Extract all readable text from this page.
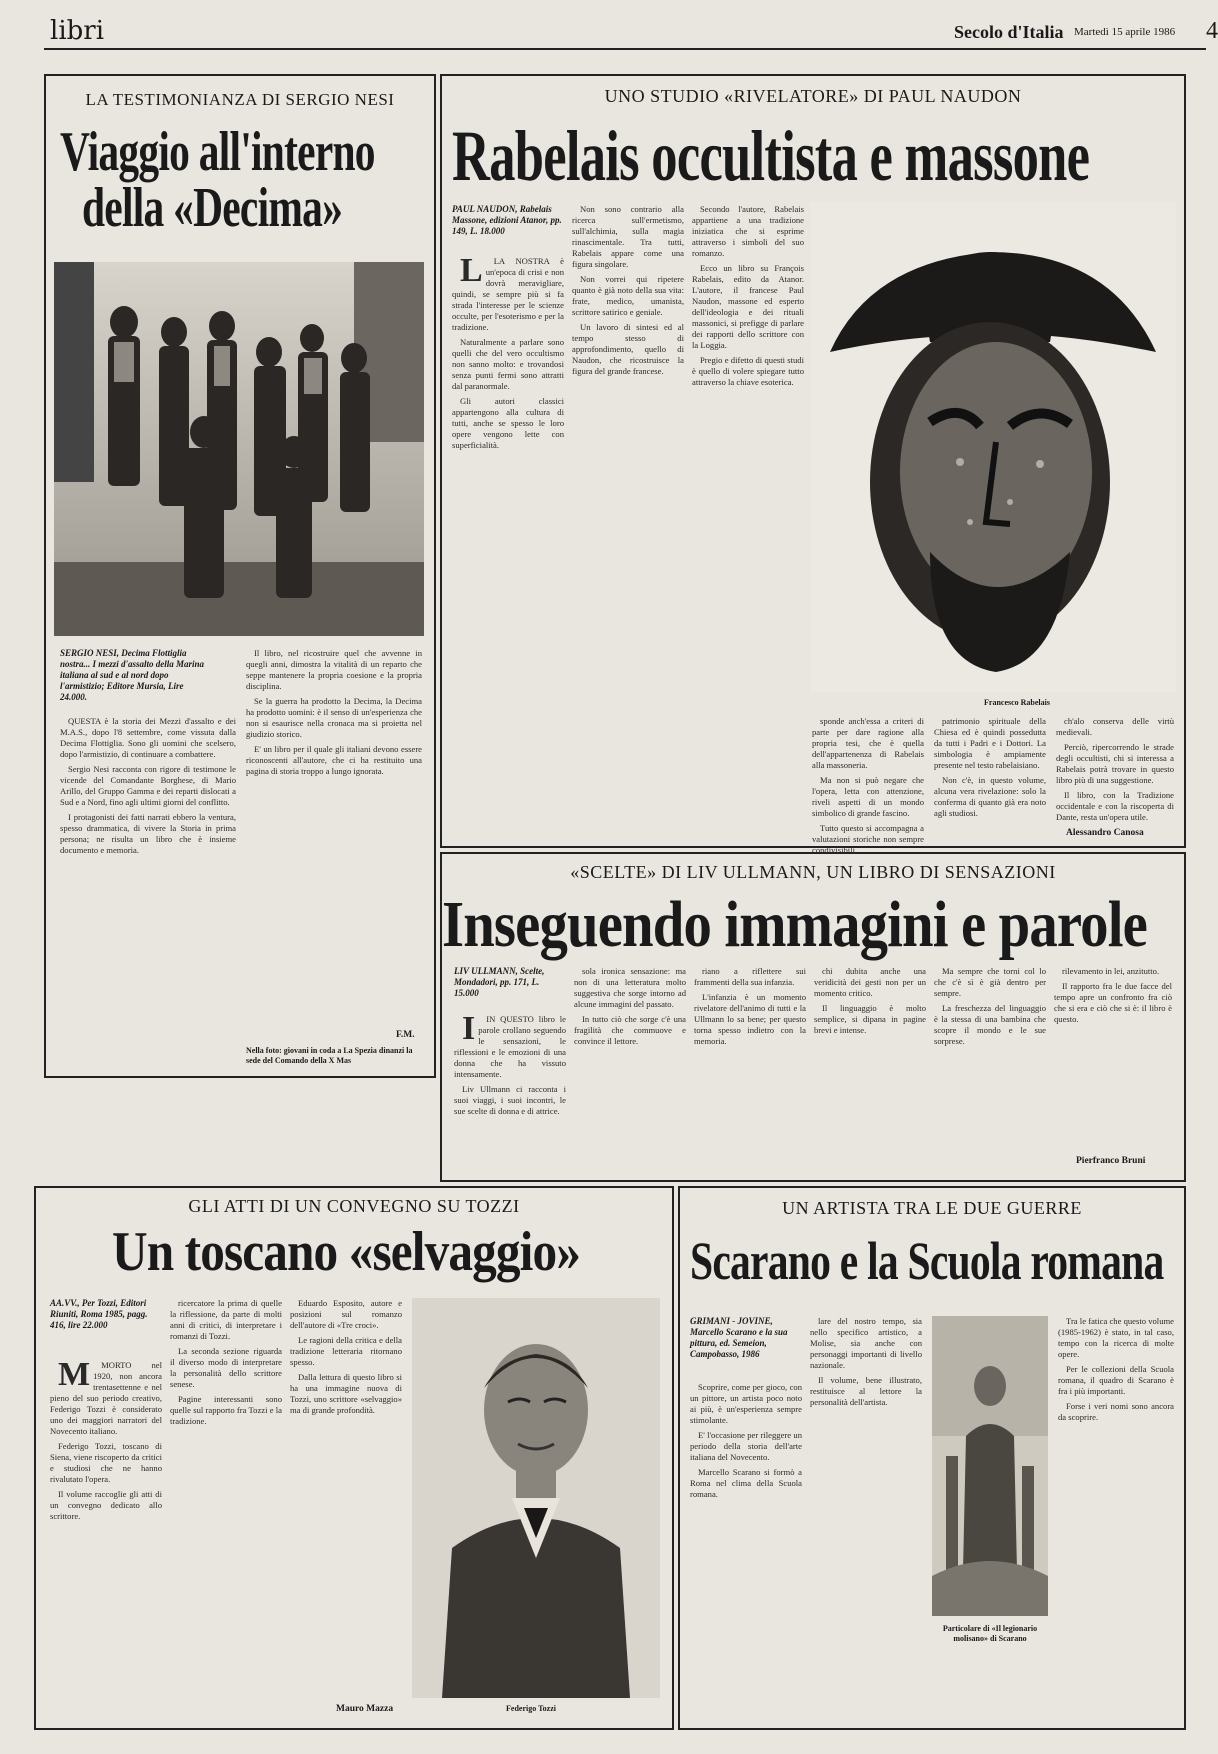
libri	Secolo d'Italia Martedì 15 aprile 1986 4
LA TESTIMONIANZA DI SERGIO NESI
Viaggio all'interno
della «Decima»
SERGIO NESI, Decima Flottiglia nostra... I mezzi d'assalto della Marina italiana al sud e al nord dopo l'armistizio; Editore Mursia, Lire 24.000.

QUESTA è la storia dei Mezzi d'assalto e dei M.A.S., dopo l'8 settembre, come vissuta dalla Decima Flottiglia. Sono gli uomini che scelsero, dopo l'armistizio, di continuare a combattere.

Sergio Nesi racconta con rigore di testimone le vicende del Comandante Borghese, di Mario Arillo, del Gruppo Gamma e dei reparti dislocati a Sud e a Nord, fino agli ultimi giorni del conflitto.

I protagonisti dei fatti narrati ebbero la ventura, spesso drammatica, di vivere la Storia in prima persona; ne risulta un libro che è insieme documento e memoria.

Il libro, nel ricostruire quel che avvenne in quegli anni, dimostra la vitalità di un reparto che seppe mantenere la propria coesione e la propria disciplina.

Se la guerra ha prodotto la Decima, la Decima ha prodotto uomini: è il senso di un'esperienza che non si esaurisce nella cronaca ma si proietta nel giudizio storico.

E' un libro per il quale gli italiani devono essere riconoscenti all'autore, che ci ha restituito una pagina di storia troppo a lungo ignorata.

F.M.
Nella foto: giovani in coda a La Spezia dinanzi la sede del Comando della X Mas
UNO STUDIO «RIVELATORE» DI PAUL NAUDON
Rabelais occultista e massone
PAUL NAUDON, Rabelais Massone, edizioni Atanor, pp. 149, L. 18.000

L LA NOSTRA è un'epoca di crisi e non dovrà meravigliare, quindi, se sempre più si fa strada l'interesse per le scienze occulte, per l'esoterismo e per la tradizione.

Naturalmente a parlare sono quelli che del vero occultismo non sanno molto: e trovandosi senza punti fermi sono attratti dal paranormale.

Gli autori classici appartengono alla cultura di tutti, anche se spesso le loro opere vengono lette con superficialità.

Non sono contrario alla ricerca sull'ermetismo, sull'alchimia, sulla magia rinascimentale. Tra tutti, Rabelais appare come una figura singolare.

Non vorrei qui ripetere quanto è già noto della sua vita: frate, medico, umanista, scrittore satirico e geniale.

Un lavoro di sintesi ed al tempo stesso di approfondimento, quello di Naudon, che ricostruisce la figura del grande francese.

Secondo l'autore, Rabelais appartiene a una tradizione iniziatica che si esprime attraverso i simboli del suo romanzo.

Ecco un libro su François Rabelais, edito da Atanor. L'autore, il francese Paul Naudon, massone ed esperto dell'ideologia e dei rituali massonici, si prefigge di parlare dei rapporti dello scrittore con la Loggia.

Pregio e difetto di questi studi è quello di volere spiegare tutto attraverso la chiave esoterica.

Francesco Rabelais

sponde anch'essa a criteri di parte per dare ragione alla propria tesi, che è quella dell'appartenenza di Rabelais alla massoneria.

Ma non si può negare che l'opera, letta con attenzione, riveli aspetti di un mondo simbolico di grande fascino.

Tutto questo si accompagna a valutazioni storiche non sempre condivisibili.

patrimonio spirituale della Chiesa ed è quindi possedutta da tutti i Padri e i Dottori. La simbologia è ampiamente presente nel testo rabelaisiano.

Non c'è, in questo volume, alcuna vera rivelazione: solo la conferma di quanto già era noto agli studiosi.

ch'alo conserva delle virtù medievali.

Perciò, ripercorrendo le strade degli occultisti, chi si interessa a Rabelais potrà trovare in questo libro più di una suggestione.

Il libro, con la Tradizione occidentale e con la riscoperta di Dante, resta un'opera utile.

Alessandro Canosa
«SCELTE» DI LIV ULLMANN, UN LIBRO DI SENSAZIONI
Inseguendo immagini e parole
LIV ULLMANN, Scelte, Mondadori, pp. 171, L. 15.000

I IN QUESTO libro le parole crollano seguendo le sensazioni, le riflessioni e le emozioni di una donna che ha vissuto intensamente.

Liv Ullmann ci racconta i suoi viaggi, i suoi incontri, le sue scelte di donna e di attrice.

sola ironica sensazione: ma non di una letteratura molto suggestiva che sorge intorno ad alcune immagini del passato.

In tutto ciò che sorge c'è una fragilità che commuove e convince il lettore.

riano a riflettere sui frammenti della sua infanzia.

L'infanzia è un momento rivelatore dell'animo di tutti e la Ullmann lo sa bene; per questo torna spesso indietro con la memoria.

chi dubita anche una veridicità dei gesti non per un momento critico.

Il linguaggio è molto semplice, si dipana in pagine brevi e intense.

Ma sempre che torni col lo che c'è sì è già dentro per sempre.

La freschezza del linguaggio è la stessa di una bambina che scopre il mondo e le sue sorprese.

rilevamento in lei, anzitutto.

Il rapporto fra le due facce del tempo apre un confronto fra ciò che si era e ciò che si è: il libro è questo.

Pierfranco Bruni
GLI ATTI DI UN CONVEGNO SU TOZZI
Un toscano «selvaggio»
AA.VV., Per Tozzi, Editori Riuniti, Roma 1985, pagg. 416, lire 22.000

M MORTO nel 1920, non ancora trentasettenne e nel pieno del suo periodo creativo, Federigo Tozzi è considerato uno dei maggiori narratori del Novecento italiano.

Federigo Tozzi, toscano di Siena, viene riscoperto da critici e studiosi che ne hanno rivalutato l'opera.

Il volume raccoglie gli atti di un convegno dedicato allo scrittore.

ricercatore la prima di quelle la riflessione, da parte di molti anni di critici, di interpretare i romanzi di Tozzi.

La seconda sezione riguarda il diverso modo di interpretare la personalità dello scrittore senese.

Pagine interessanti sono quelle sul rapporto fra Tozzi e la tradizione.

Eduardo Esposito, autore e posizioni sul romanzo dell'autore di «Tre croci».

Le ragioni della critica e della tradizione letteraria ritornano spesso.

Dalla lettura di questo libro si ha una immagine nuova di Tozzi, uno scrittore «selvaggio» ma di grande profondità.

Mauro Mazza	Federigo Tozzi
UN ARTISTA TRA LE DUE GUERRE
Scarano e la Scuola romana
GRIMANI - JOVINE, Marcello Scarano e la sua pittura, ed. Semeion, Campobasso, 1986

Scoprire, come per gioco, con un pittore, un artista poco noto ai più, è un'esperienza sempre stimolante.

E' l'occasione per rileggere un periodo della storia dell'arte italiana del Novecento.

Marcello Scarano si formò a Roma nel clima della Scuola romana.

lare del nostro tempo, sia nello specifico artistico, a Molise, sia anche con personaggi importanti di livello nazionale.

Il volume, bene illustrato, restituisce al lettore la personalità dell'artista.

Particolare di «Il legionario molisano» di Scarano

Tra le fatica che questo volume (1985-1962) è stato, in tal caso, tempo con la ricerca di molte opere.

Per le collezioni della Scuola romana, il quadro di Scarano è fra i più importanti.

Forse i veri nomi sono ancora da scoprire.
